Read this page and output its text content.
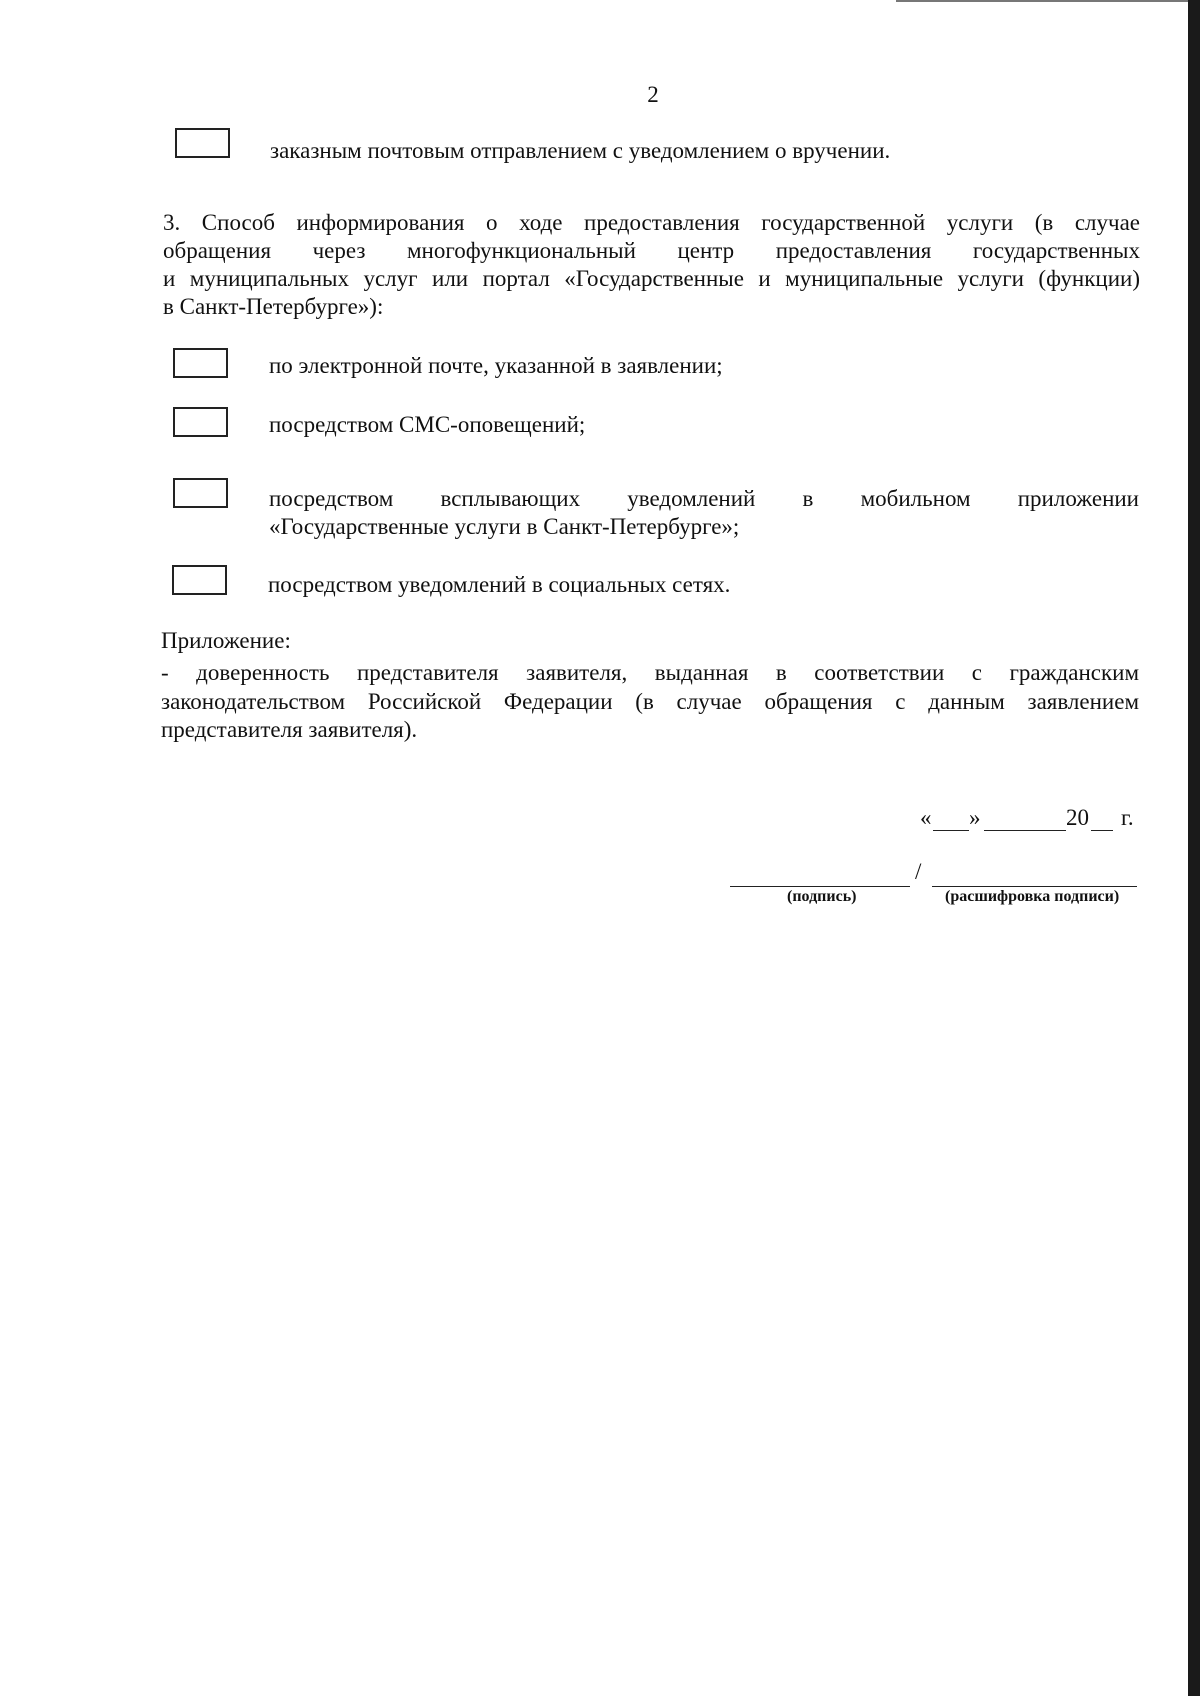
2
заказным почтовым отправлением с уведомлением о вручении.
3. Способ информирования о ходе предоставления государственной услуги (в случае
обращения через многофункциональный центр предоставления государственных
и муниципальных услуг или портал «Государственные и муниципальные услуги (функции)
в Санкт-Петербурге»):
по электронной почте, указанной в заявлении;
посредством СМС-оповещений;
посредством всплывающих уведомлений в мобильном приложении
«Государственные услуги в Санкт-Петербурге»;
посредством уведомлений в социальных сетях.
Приложение:
- доверенность представителя заявителя, выданная в соответствии с гражданским
законодательством Российской Федерации (в случае обращения с данным заявлением
представителя заявителя).
« »	20 г.
/
(подпись)	(расшифровка подписи)
